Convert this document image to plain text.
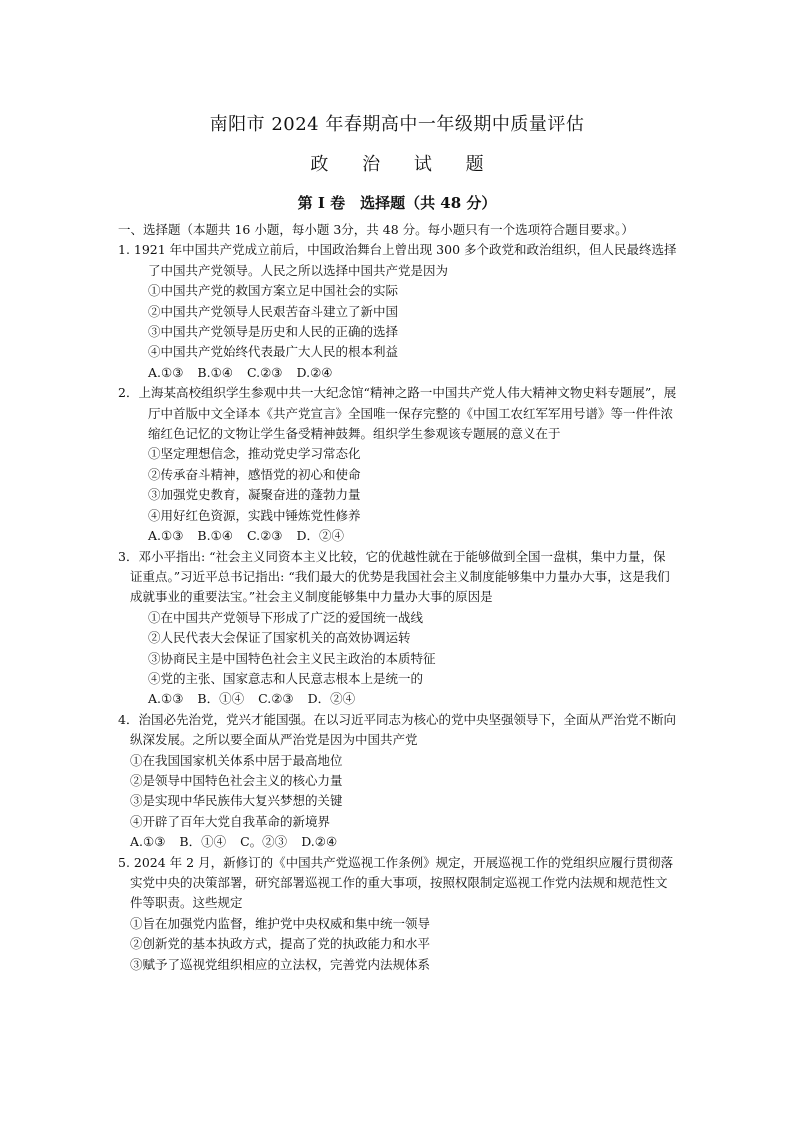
南阳市 2024 年春期高中一年级期中质量评估
政 治 试 题
第 I 卷　选择题（共 48 分）

一、选择题（本题共 16 小题，每小题 3分，共 48 分。每小题只有一个选项符合题目要求。）

1. 1921 年中国共产党成立前后，中国政治舞台上曾出现 300 多个政党和政治组织，但人民最终选择了中国共产党领导。人民之所以选择中国共产党是因为

①中国共产党的救国方案立足中国社会的实际

②中国共产党领导人民艰苦奋斗建立了新中国

③中国共产党领导是历史和人民的正确的选择

④中国共产党始终代表最广大人民的根本利益

A.①③ B.①④ C.②③ D.②④

2．上海某高校组织学生参观中共一大纪念馆“精神之路一中国共产党人伟大精神文物史料专题展”，展厅中首版中文全译本《共产党宣言》全国唯一保存完整的《中国工农红军军用号谱》等一件件浓缩红色记忆的文物让学生备受精神鼓舞。组织学生参观该专题展的意义在于

①坚定理想信念，推动党史学习常态化

②传承奋斗精神，感悟党的初心和使命

③加强党史教育，凝聚奋进的蓬勃力量

④用好红色资源，实践中锤炼党性修养

A.①③ B.①④ C.②③ D．②④

3．邓小平指出: “社会主义同资本主义比较，它的优越性就在于能够做到全国一盘棋，集中力量，保证重点。”习近平总书记指出: “我们最大的优势是我国社会主义制度能够集中力量办大事，这是我们成就事业的重要法宝。”社会主义制度能够集中力量办大事的原因是

①在中国共产党领导下形成了广泛的爱国统一战线

②人民代表大会保证了国家机关的高效协调运转

③协商民主是中国特色社会主义民主政治的本质特征

④党的主张、国家意志和人民意志根本上是统一的

A.①③ B．①④ C.②③ D．②④

4．治国必先治党，党兴才能国强。在以习近平同志为核心的党中央坚强领导下，全面从严治党不断向纵深发展。之所以要全面从严治党是因为中国共产党

①在我国国家机关体系中居于最高地位

②是领导中国特色社会主义的核心力量

③是实现中华民族伟大复兴梦想的关键

④开辟了百年大党自我革命的新境界

A.①③ B．①④ C。②③ D.②④

5. 2024 年 2 月，新修订的《中国共产党巡视工作条例》规定，开展巡视工作的党组织应履行贯彻落实党中央的决策部署，研究部署巡视工作的重大事项，按照权限制定巡视工作党内法规和规范性文件等职责。这些规定

①旨在加强党内监督，维护党中央权威和集中统一领导

②创新党的基本执政方式，提高了党的执政能力和水平

③赋予了巡视党组织相应的立法权，完善党内法规体系
